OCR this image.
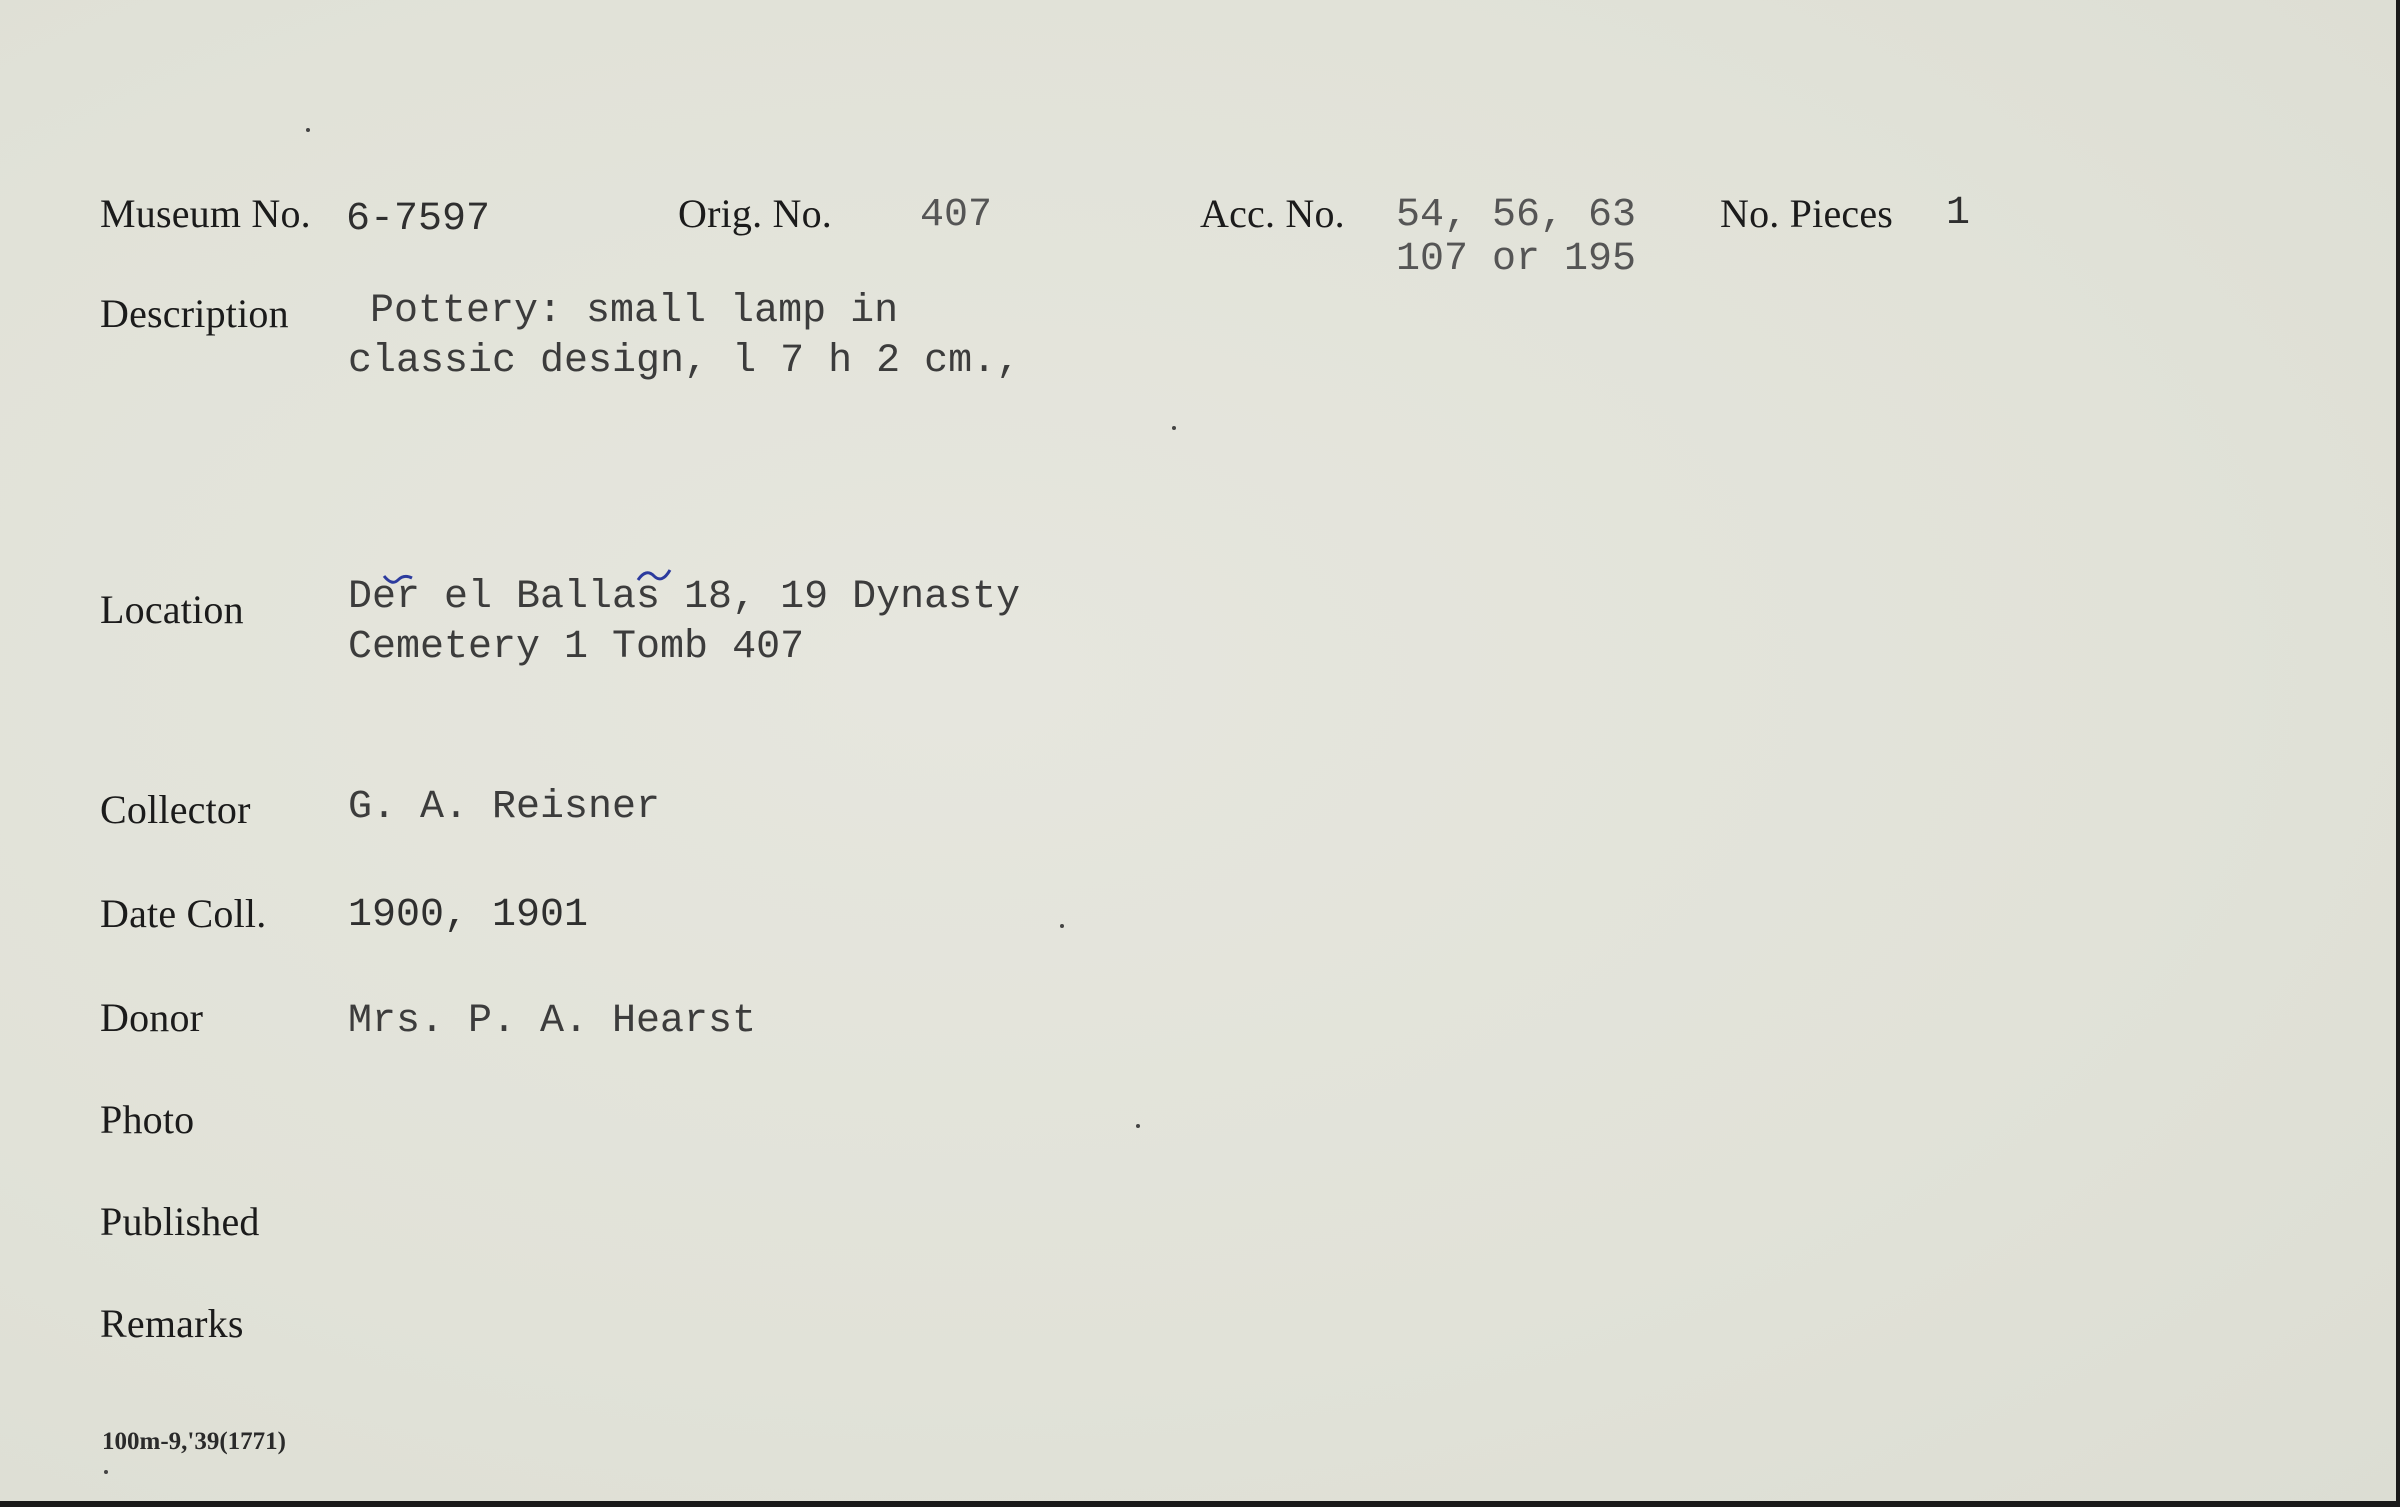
Museum No. 6-7597	Orig. No. 407	Acc. No. 54, 56, 63
107 or 195
No. Pieces 1
Description Pottery: small lamp in
classic design, l 7 h 2 cm.,
Location	Der el Ballas 18, 19 Dynasty
Cemetery 1 Tomb 407
Collector G. A. Reisner
Date Coll. 1900, 1901
Donor	Mrs. P. A. Hearst
Photo
Published
Remarks
100m-9,'39(1771)
